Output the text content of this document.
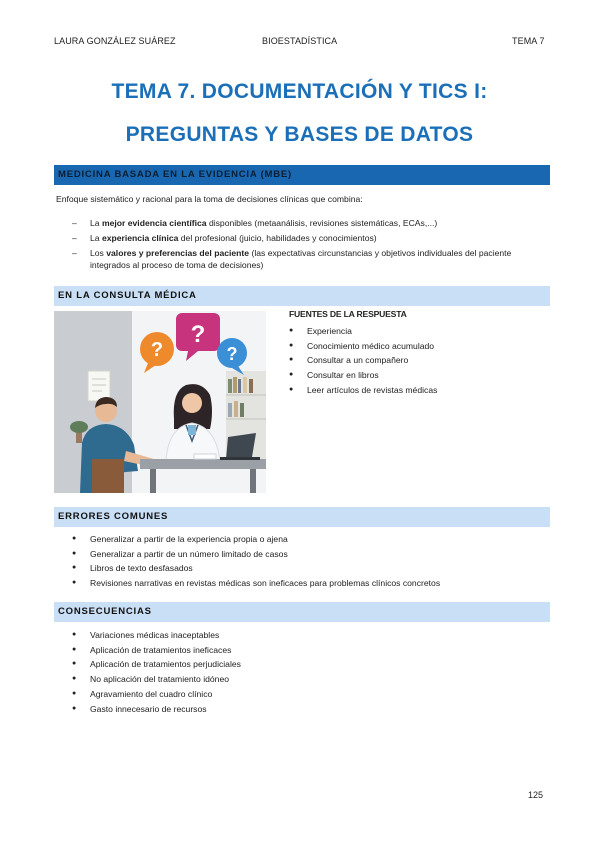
LAURA GONZÁLEZ SUÁREZ	BIOESTADÍSTICA	TEMA 7
TEMA 7. DOCUMENTACIÓN Y TICS I:
PREGUNTAS Y BASES DE DATOS
MEDICINA BASADA EN LA EVIDENCIA (MBE)
Enfoque sistemático y racional para la toma de decisiones clínicas que combina:
– La mejor evidencia científica disponibles (metaanálisis, revisiones sistemáticas, ECAs,...)
– La experiencia clínica del profesional (juicio, habilidades y conocimientos)
– Los valores y preferencias del paciente (las expectativas circunstancias y objetivos individuales del paciente integrados al proceso de toma de decisiones)
EN LA CONSULTA MÉDICA
?
?
?
FUENTES DE LA RESPUESTA
● Experiencia
● Conocimiento médico acumulado
● Consultar a un compañero
● Consultar en libros
● Leer artículos de revistas médicas
ERRORES COMUNES
● Generalizar a partir de la experiencia propia o ajena
● Generalizar a partir de un número limitado de casos
● Libros de texto desfasados
● Revisiones narrativas en revistas médicas son ineficaces para problemas clínicos concretos
CONSECUENCIAS
● Variaciones médicas inaceptables
● Aplicación de tratamientos ineficaces
● Aplicación de tratamientos perjudiciales
● No aplicación del tratamiento idóneo
● Agravamiento del cuadro clínico
● Gasto innecesario de recursos
125
